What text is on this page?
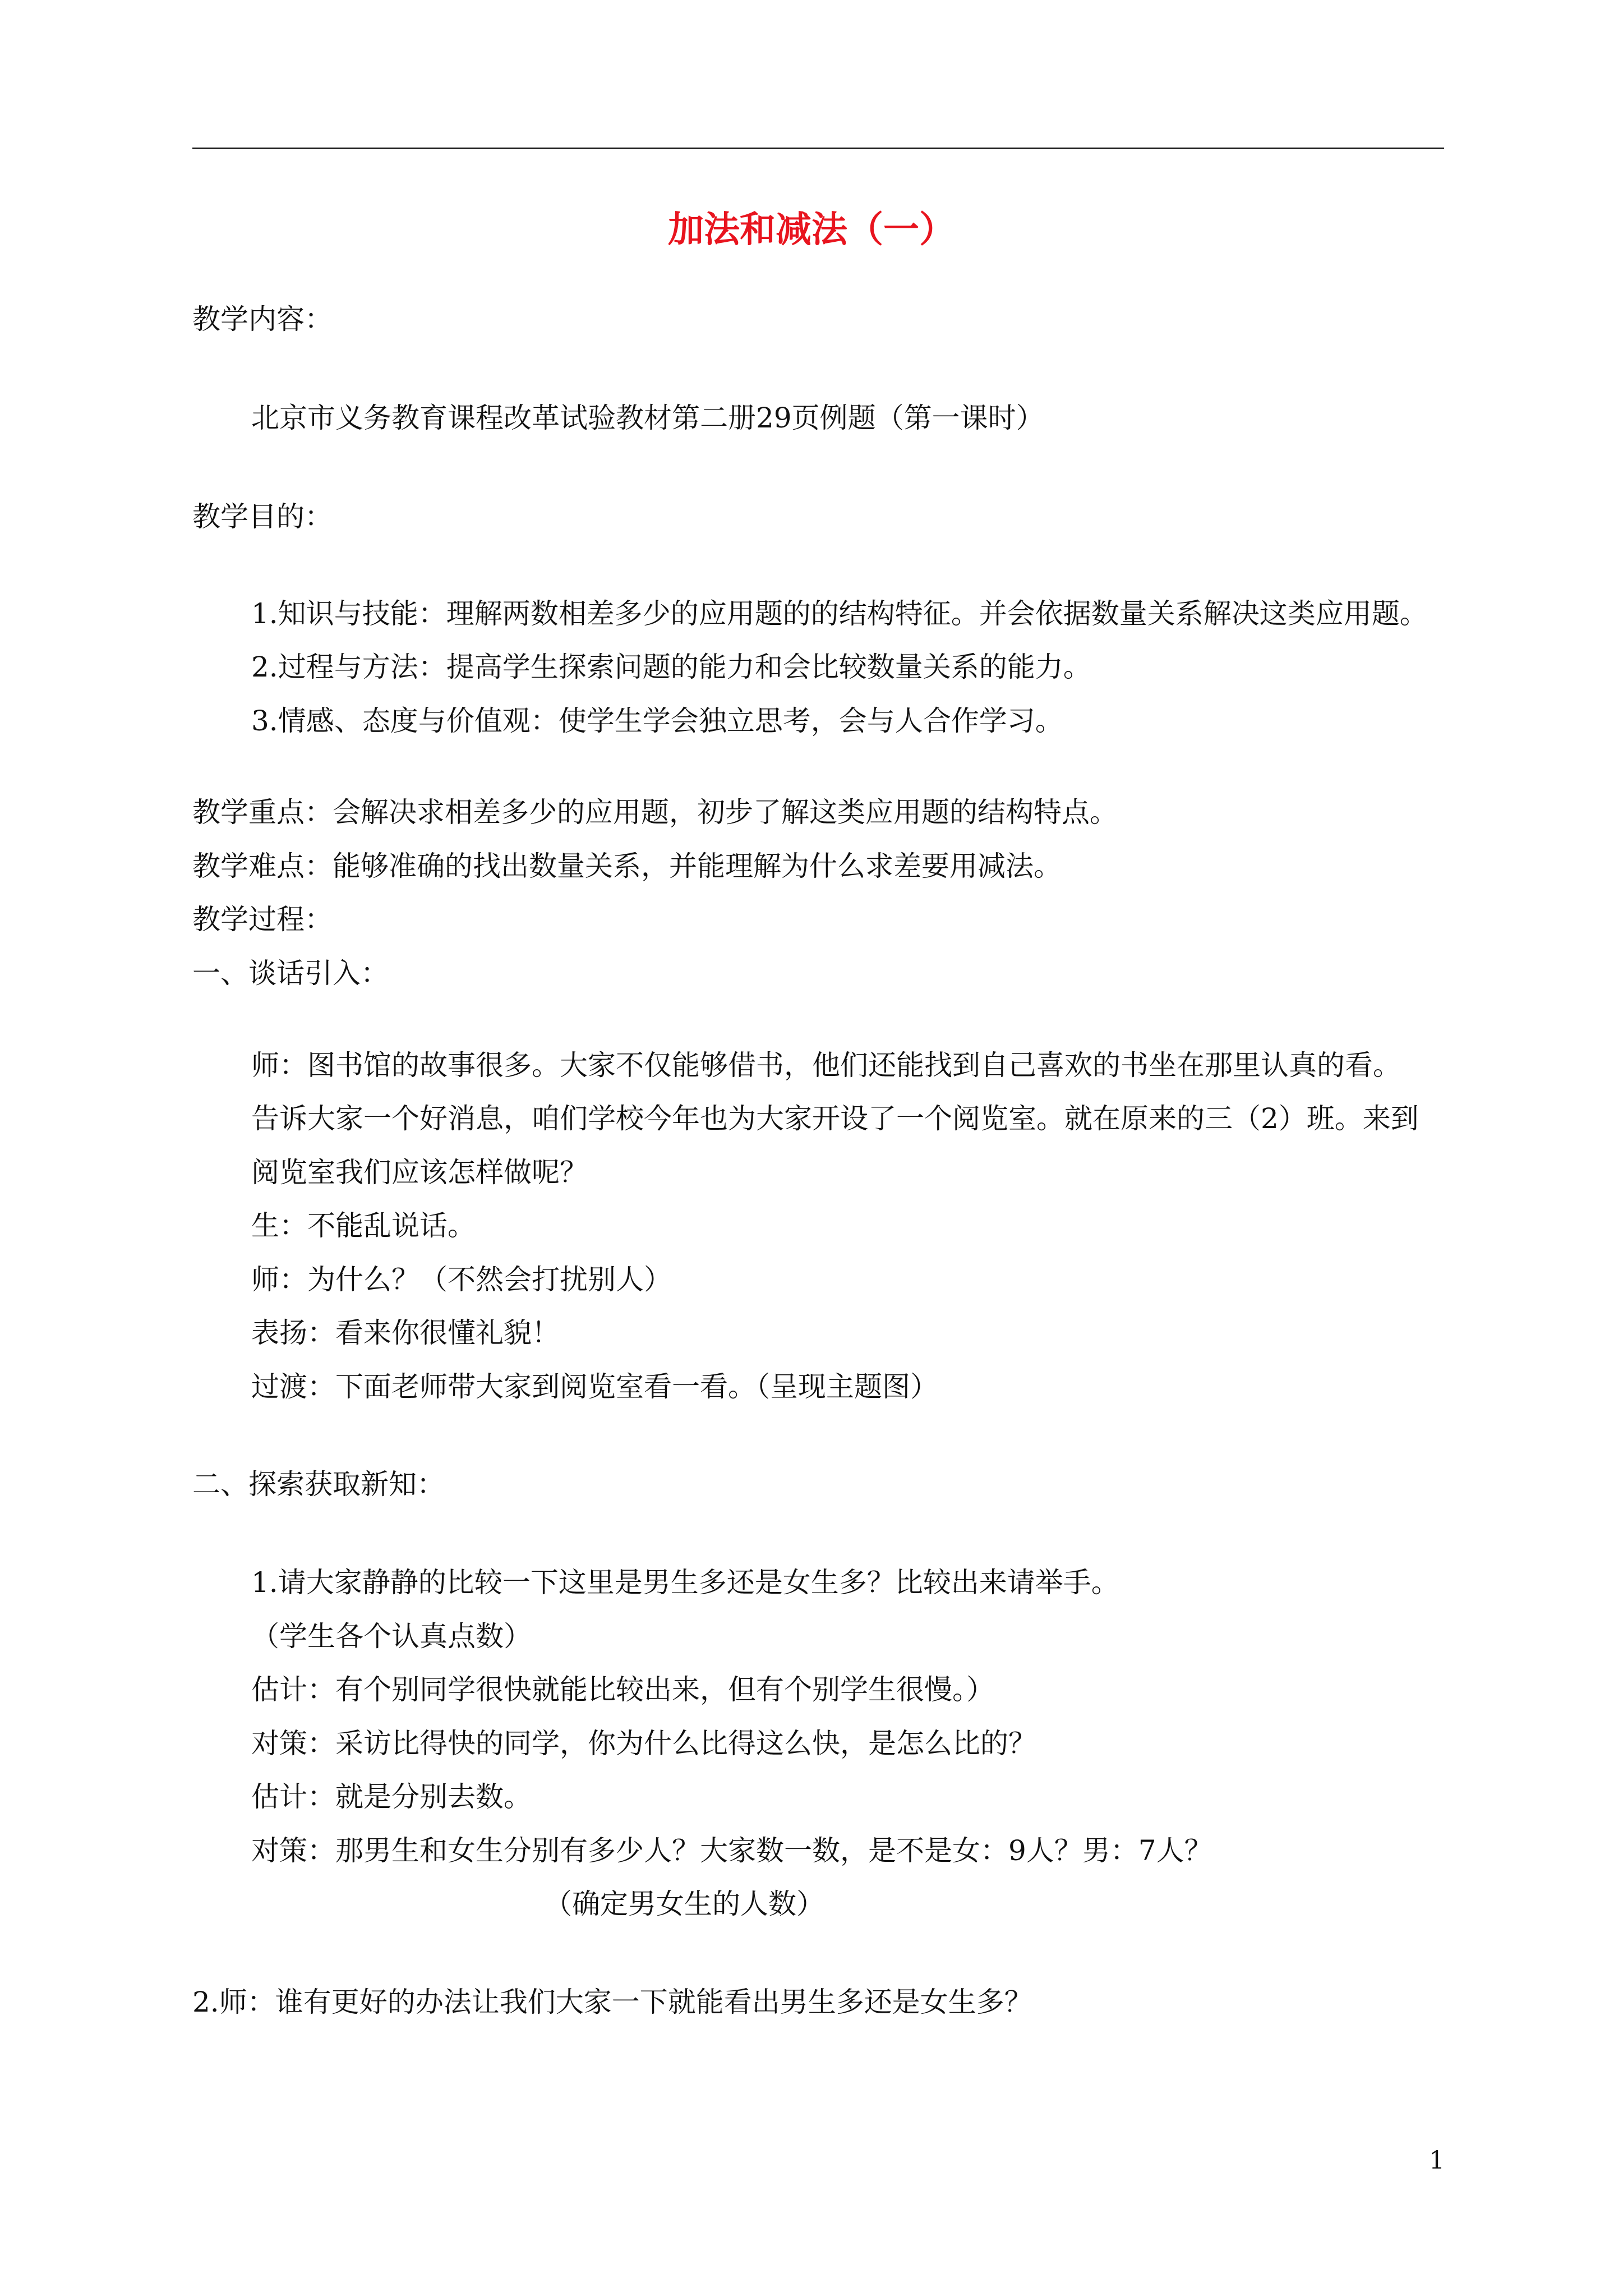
加法和减法（一）

教学内容：

北京市义务教育课程改革试验教材第二册29页例题（第一课时）

教学目的：

1.知识与技能：理解两数相差多少的应用题的的结构特征。并会依据数量关系解决这类应用题。

2.过程与方法：提高学生探索问题的能力和会比较数量关系的能力。

3.情感、态度与价值观：使学生学会独立思考，会与人合作学习。

教学重点：会解决求相差多少的应用题，初步了解这类应用题的结构特点。

教学难点：能够准确的找出数量关系，并能理解为什么求差要用减法。

教学过程：

一、谈话引入：

师：图书馆的故事很多。大家不仅能够借书，他们还能找到自己喜欢的书坐在那里认真的看。

告诉大家一个好消息，咱们学校今年也为大家开设了一个阅览室。就在原来的三（2）班。来到

阅览室我们应该怎样做呢？

生：不能乱说话。

师：为什么？（不然会打扰别人）

表扬：看来你很懂礼貌！

过渡：下面老师带大家到阅览室看一看。（呈现主题图）

二、探索获取新知：

1.请大家静静的比较一下这里是男生多还是女生多？比较出来请举手。

（学生各个认真点数）

估计：有个别同学很快就能比较出来，但有个别学生很慢。）

对策：采访比得快的同学，你为什么比得这么快，是怎么比的？

估计：就是分别去数。

对策：那男生和女生分别有多少人？大家数一数，是不是女：9人？男：7人？

（确定男女生的人数）

2.师：谁有更好的办法让我们大家一下就能看出男生多还是女生多？

1
